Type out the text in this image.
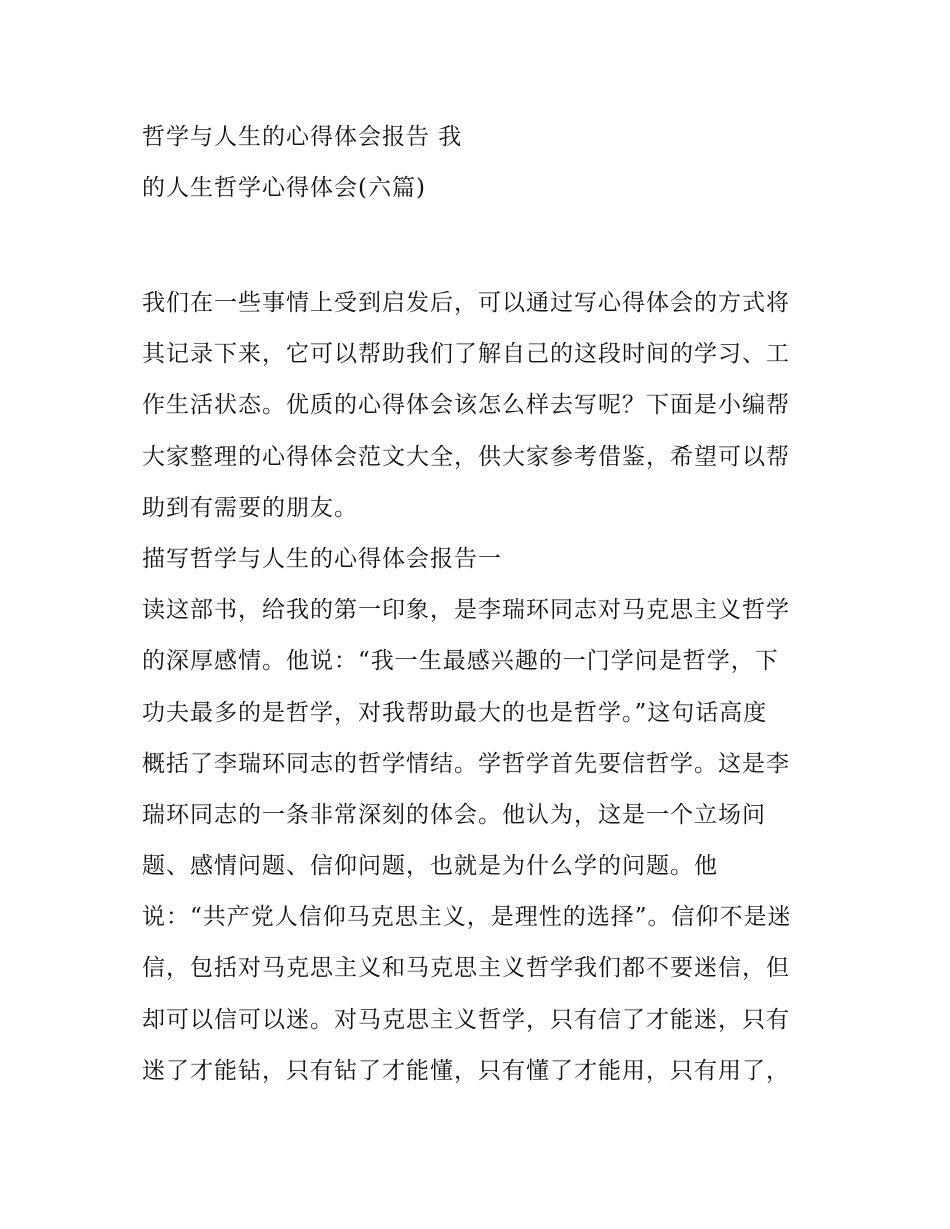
哲学与人生的心得体会报告 我
的人生哲学心得体会(六篇)
我们在一些事情上受到启发后，可以通过写心得体会的方式将
其记录下来，它可以帮助我们了解自己的这段时间的学习、工
作生活状态。优质的心得体会该怎么样去写呢？下面是小编帮
大家整理的心得体会范文大全，供大家参考借鉴，希望可以帮
助到有需要的朋友。
描写哲学与人生的心得体会报告一
读这部书，给我的第一印象，是李瑞环同志对马克思主义哲学
的深厚感情。他说：“我一生最感兴趣的一门学问是哲学，下
功夫最多的是哲学，对我帮助最大的也是哲学。”这句话高度
概括了李瑞环同志的哲学情结。学哲学首先要信哲学。这是李
瑞环同志的一条非常深刻的体会。他认为，这是一个立场问
题、感情问题、信仰问题，也就是为什么学的问题。他
说：“共产党人信仰马克思主义，是理性的选择”。信仰不是迷
信，包括对马克思主义和马克思主义哲学我们都不要迷信，但
却可以信可以迷。对马克思主义哲学，只有信了才能迷，只有
迷了才能钻，只有钻了才能懂，只有懂了才能用，只有用了，
